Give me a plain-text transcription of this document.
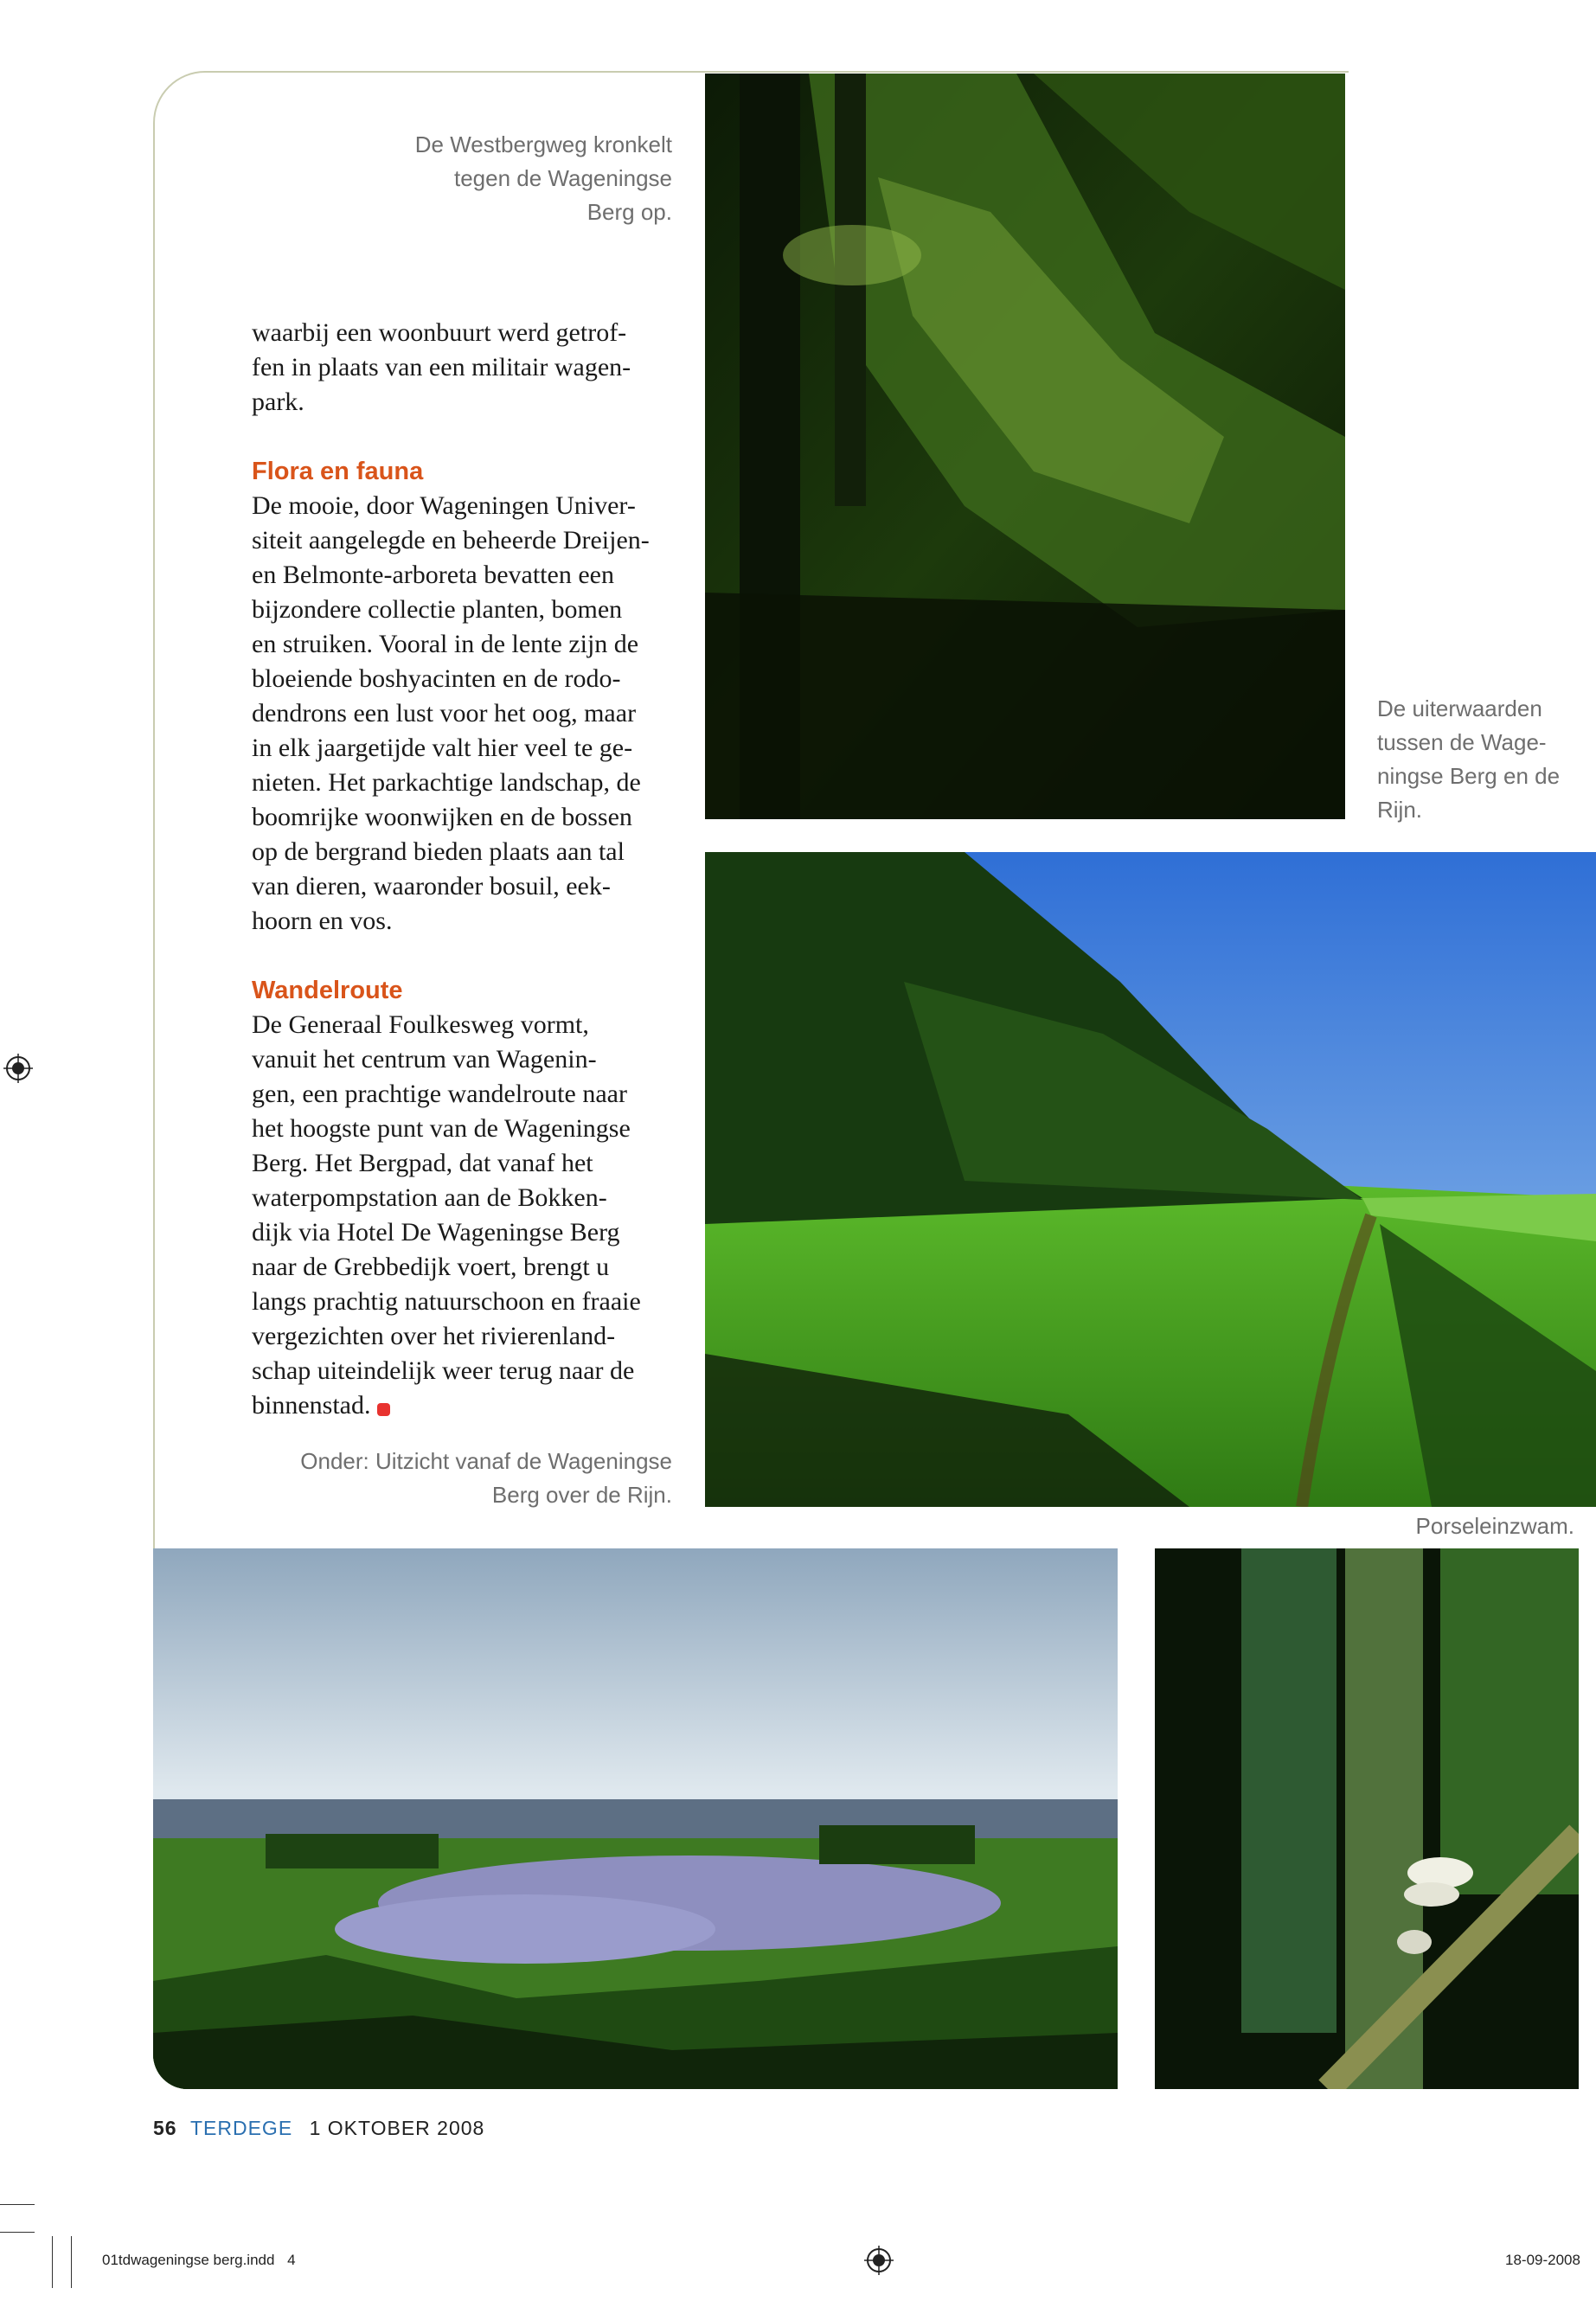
De Westbergweg kronkelt
tegen de Wageningse
Berg op.
De uiterwaarden
tussen de Wage-
ningse Berg en de
Rijn.
Onder: Uitzicht vanaf de Wageningse
Berg over de Rijn.
Porseleinzwam.
waarbij een woonbuurt werd getrof-
fen in plaats van een militair wagen-
park.
Flora en fauna
De mooie, door Wageningen Univer-
siteit aangelegde en beheerde Dreijen-
en Belmonte-arboreta bevatten een
bijzondere collectie planten, bomen
en struiken. Vooral in de lente zijn de
bloeiende boshyacinten en de rodo-
dendrons een lust voor het oog, maar
in elk jaargetijde valt hier veel te ge-
nieten. Het parkachtige landschap, de
boomrijke woonwijken en de bossen
op de bergrand bieden plaats aan tal
van dieren, waaronder bosuil, eek-
hoorn en vos.
Wandelroute
De Generaal Foulkesweg vormt,
vanuit het centrum van Wagenin-
gen, een prachtige wandelroute naar
het hoogste punt van de Wageningse
Berg. Het Bergpad, dat vanaf het
waterpompstation aan de Bokken-
dijk via Hotel De Wageningse Berg
naar de Grebbedijk voert, brengt u
langs prachtig natuurschoon en fraaie
vergezichten over het rivierenland-
schap uiteindelijk weer terug naar de
binnenstad.
56 TERDEGE 1 OKTOBER 2008
01tdwageningse berg.indd 4	18-09-2008
